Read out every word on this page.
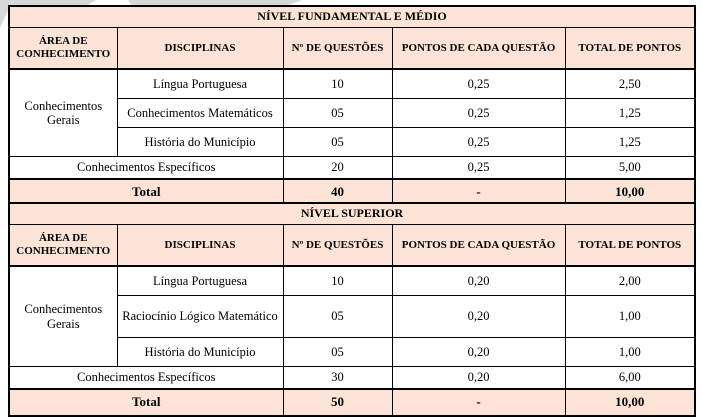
NÍVEL FUNDAMENTAL E MÉDIO				
ÁREA DE CONHECIMENTO	DISCIPLINAS	Nº DE QUESTÕES	PONTOS DE CADA QUESTÃO	TOTAL DE PONTOS
Conhecimentos Gerais	Língua Portuguesa	10	0,25	2,50
	Conhecimentos Matemáticos	05	0,25	1,25
	História do Município	05	0,25	1,25
Conhecimentos Específicos		20	0,25	5,00
Total		40	-	10,00
NÍVEL SUPERIOR				
ÁREA DE CONHECIMENTO	DISCIPLINAS	Nº DE QUESTÕES	PONTOS DE CADA QUESTÃO	TOTAL DE PONTOS
Conhecimentos Gerais	Língua Portuguesa	10	0,20	2,00
	Raciocínio Lógico Matemático	05	0,20	1,00
	História do Município	05	0,20	1,00
Conhecimentos Específicos		30	0,20	6,00
Total		50	-	10,00
